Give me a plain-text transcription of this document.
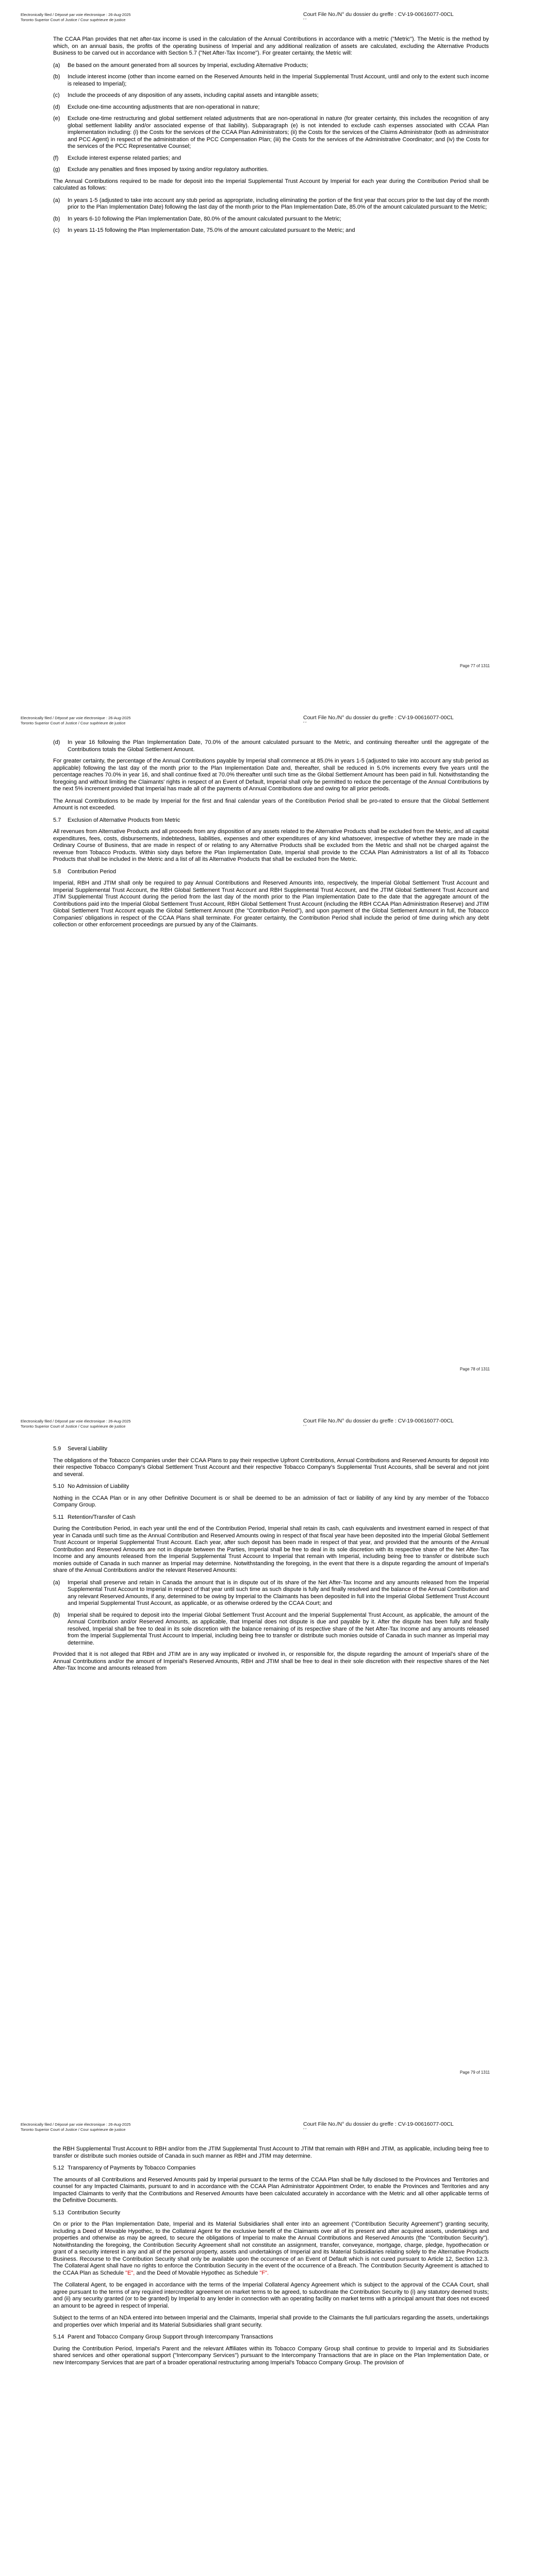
Electronically filed / Déposé par voie électronique : 26-Aug-2025
Toronto Superior Court of Justice / Cour supérieure de justice
Court File No./N° du dossier du greffe : CV-19-00616077-00CL
* *

The CCAA Plan provides that net after-tax income is used in the calculation of the Annual Contributions in accordance with a metric ("Metric"). The Metric is the method by which, on an annual basis, the profits of the operating business of Imperial and any additional realization of assets are calculated, excluding the Alternative Products Business to be carved out in accordance with Section 5.7 ("Net After-Tax Income"). For greater certainty, the Metric will:

(a)	Be based on the amount generated from all sources by Imperial, excluding Alternative Products;
(b)	Include interest income (other than income earned on the Reserved Amounts held in the Imperial Supplemental Trust Account, until and only to the extent such income is released to Imperial);
(c)	Include the proceeds of any disposition of any assets, including capital assets and intangible assets;
(d)	Exclude one-time accounting adjustments that are non-operational in nature;
(e)	Exclude one-time restructuring and global settlement related adjustments that are non-operational in nature (for greater certainty, this includes the recognition of any global settlement liability and/or associated expense of that liability). Subparagraph (e) is not intended to exclude cash expenses associated with CCAA Plan implementation including: (i) the Costs for the services of the CCAA Plan Administrators; (ii) the Costs for the services of the Claims Administrator (both as administrator and PCC Agent) in respect of the administration of the PCC Compensation Plan; (iii) the Costs for the services of the Administrative Coordinator; and (iv) the Costs for the services of the PCC Representative Counsel;
(f)	Exclude interest expense related parties; and
(g)	Exclude any penalties and fines imposed by taxing and/or regulatory authorities.

The Annual Contributions required to be made for deposit into the Imperial Supplemental Trust Account by Imperial for each year during the Contribution Period shall be calculated as follows:

(a)	In years 1-5 (adjusted to take into account any stub period as appropriate, including eliminating the portion of the first year that occurs prior to the last day of the month prior to the Plan Implementation Date) following the last day of the month prior to the Plan Implementation Date, 85.0% of the amount calculated pursuant to the Metric;
(b)	In years 6-10 following the Plan Implementation Date, 80.0% of the amount calculated pursuant to the Metric;
(c)	In years 11-15 following the Plan Implementation Date, 75.0% of the amount calculated pursuant to the Metric; and
Page 77 of 1311
Electronically filed / Déposé par voie électronique : 26-Aug-2025
Toronto Superior Court of Justice / Cour supérieure de justice
Court File No./N° du dossier du greffe : CV-19-00616077-00CL
* *
(d)	In year 16 following the Plan Implementation Date, 70.0% of the amount calculated pursuant to the Metric, and continuing thereafter until the aggregate of the Contributions totals the Global Settlement Amount.

For greater certainty, the percentage of the Annual Contributions payable by Imperial shall commence at 85.0% in years 1-5 (adjusted to take into account any stub period as applicable) following the last day of the month prior to the Plan Implementation Date and, thereafter, shall be reduced in 5.0% increments every five years until the percentage reaches 70.0% in year 16, and shall continue fixed at 70.0% thereafter until such time as the Global Settlement Amount has been paid in full. Notwithstanding the foregoing and without limiting the Claimants' rights in respect of an Event of Default, Imperial shall only be permitted to reduce the percentage of the Annual Contributions by the next 5% increment provided that Imperial has made all of the payments of Annual Contributions due and owing for all prior periods.

The Annual Contributions to be made by Imperial for the first and final calendar years of the Contribution Period shall be pro-rated to ensure that the Global Settlement Amount is not exceeded.

5.7 Exclusion of Alternative Products from Metric

All revenues from Alternative Products and all proceeds from any disposition of any assets related to the Alternative Products shall be excluded from the Metric, and all capital expenditures, fees, costs, disbursements, indebtedness, liabilities, expenses and other expenditures of any kind whatsoever, irrespective of whether they are made in the Ordinary Course of Business, that are made in respect of or relating to any Alternative Products shall be excluded from the Metric and shall not be charged against the revenue from Tobacco Products. Within sixty days before the Plan Implementation Date, Imperial shall provide to the CCAA Plan Administrators a list of all its Tobacco Products that shall be included in the Metric and a list of all its Alternative Products that shall be excluded from the Metric.

5.8 Contribution Period

Imperial, RBH and JTIM shall only be required to pay Annual Contributions and Reserved Amounts into, respectively, the Imperial Global Settlement Trust Account and Imperial Supplemental Trust Account, the RBH Global Settlement Trust Account and RBH Supplemental Trust Account, and the JTIM Global Settlement Trust Account and JTIM Supplemental Trust Account during the period from the last day of the month prior to the Plan Implementation Date to the date that the aggregate amount of the Contributions paid into the Imperial Global Settlement Trust Account, RBH Global Settlement Trust Account (including the RBH CCAA Plan Administration Reserve) and JTIM Global Settlement Trust Account equals the Global Settlement Amount (the "Contribution Period"), and upon payment of the Global Settlement Amount in full, the Tobacco Companies' obligations in respect of the CCAA Plans shall terminate. For greater certainty, the Contribution Period shall include the period of time during which any debt collection or other enforcement proceedings are pursued by any of the Claimants.

Page 78 of 1311
Electronically filed / Déposé par voie électronique : 26-Aug-2025
Toronto Superior Court of Justice / Cour supérieure de justice
Court File No./N° du dossier du greffe : CV-19-00616077-00CL
* *
5.9 Several Liability

The obligations of the Tobacco Companies under their CCAA Plans to pay their respective Upfront Contributions, Annual Contributions and Reserved Amounts for deposit into their respective Tobacco Company's Global Settlement Trust Account and their respective Tobacco Company's Supplemental Trust Accounts, shall be several and not joint and several.

5.10 No Admission of Liability

Nothing in the CCAA Plan or in any other Definitive Document is or shall be deemed to be an admission of fact or liability of any kind by any member of the Tobacco Company Group.

5.11 Retention/Transfer of Cash

During the Contribution Period, in each year until the end of the Contribution Period, Imperial shall retain its cash, cash equivalents and investment earned in respect of that year in Canada until such time as the Annual Contribution and Reserved Amounts owing in respect of that fiscal year have been deposited into the Imperial Global Settlement Trust Account or Imperial Supplemental Trust Account. Each year, after such deposit has been made in respect of that year, and provided that the amounts of the Annual Contribution and Reserved Amounts are not in dispute between the Parties, Imperial shall be free to deal in its sole discretion with its respective share of the Net After-Tax Income and any amounts released from the Imperial Supplemental Trust Account to Imperial that remain with Imperial, including being free to transfer or distribute such monies outside of Canada in such manner as Imperial may determine. Notwithstanding the foregoing, in the event that there is a dispute regarding the amount of Imperial's share of the Annual Contributions and/or the relevant Reserved Amounts:

(a)	Imperial shall preserve and retain in Canada the amount that is in dispute out of its share of the Net After-Tax Income and any amounts released from the Imperial Supplemental Trust Account to Imperial in respect of that year until such time as such dispute is fully and finally resolved and the balance of the Annual Contribution and any relevant Reserved Amounts, if any, determined to be owing by Imperial to the Claimants has been deposited in full into the Imperial Global Settlement Trust Account and Imperial Supplemental Trust Account, as applicable, or as otherwise ordered by the CCAA Court; and
(b)	Imperial shall be required to deposit into the Imperial Global Settlement Trust Account and the Imperial Supplemental Trust Account, as applicable, the amount of the Annual Contribution and/or Reserved Amounts, as applicable, that Imperial does not dispute is due and payable by it. After the dispute has been fully and finally resolved, Imperial shall be free to deal in its sole discretion with the balance remaining of its respective share of the Net After-Tax Income and any amounts released from the Imperial Supplemental Trust Account to Imperial, including being free to transfer or distribute such monies outside of Canada in such manner as Imperial may determine.

Provided that it is not alleged that RBH and JTIM are in any way implicated or involved in, or responsible for, the dispute regarding the amount of Imperial's share of the Annual Contributions and/or the amount of Imperial's Reserved Amounts, RBH and JTIM shall be free to deal in their sole discretion with their respective shares of the Net After-Tax Income and amounts released from

Page 79 of 1311
Electronically filed / Déposé par voie électronique : 26-Aug-2025
Toronto Superior Court of Justice / Cour supérieure de justice
Court File No./N° du dossier du greffe : CV-19-00616077-00CL
* *

the RBH Supplemental Trust Account to RBH and/or from the JTIM Supplemental Trust Account to JTIM that remain with RBH and JTIM, as applicable, including being free to transfer or distribute such monies outside of Canada in such manner as RBH and JTIM may determine.

5.12 Transparency of Payments by Tobacco Companies

The amounts of all Contributions and Reserved Amounts paid by Imperial pursuant to the terms of the CCAA Plan shall be fully disclosed to the Provinces and Territories and counsel for any Impacted Claimants, pursuant to and in accordance with the CCAA Plan Administrator Appointment Order, to enable the Provinces and Territories and any Impacted Claimants to verify that the Contributions and Reserved Amounts have been calculated accurately in accordance with the Metric and all other applicable terms of the Definitive Documents.

5.13 Contribution Security

On or prior to the Plan Implementation Date, Imperial and its Material Subsidiaries shall enter into an agreement ("Contribution Security Agreement") granting security, including a Deed of Movable Hypothec, to the Collateral Agent for the exclusive benefit of the Claimants over all of its present and after acquired assets, undertakings and properties and otherwise as may be agreed, to secure the obligations of Imperial to make the Annual Contributions and Reserved Amounts (the "Contribution Security"). Notwithstanding the foregoing, the Contribution Security Agreement shall not constitute an assignment, transfer, conveyance, mortgage, charge, pledge, hypothecation or grant of a security interest in any and all of the personal property, assets and undertakings of Imperial and its Material Subsidiaries relating solely to the Alternative Products Business. Recourse to the Contribution Security shall only be available upon the occurrence of an Event of Default which is not cured pursuant to Article 12, Section 12.3. The Collateral Agent shall have no rights to enforce the Contribution Security in the event of the occurrence of a Breach. The Contribution Security Agreement is attached to the CCAA Plan as Schedule "E", and the Deed of Movable Hypothec as Schedule "F".

The Collateral Agent, to be engaged in accordance with the terms of the Imperial Collateral Agency Agreement which is subject to the approval of the CCAA Court, shall agree pursuant to the terms of any required intercreditor agreement on market terms to be agreed, to subordinate the Contribution Security to (i) any statutory deemed trusts; and (ii) any security granted (or to be granted) by Imperial to any lender in connection with an operating facility on market terms with a principal amount that does not exceed an amount to be agreed in respect of Imperial.

Subject to the terms of an NDA entered into between Imperial and the Claimants, Imperial shall provide to the Claimants the full particulars regarding the assets, undertakings and properties over which Imperial and its Material Subsidiaries shall grant security.

5.14 Parent and Tobacco Company Group Support through Intercompany Transactions

During the Contribution Period, Imperial's Parent and the relevant Affiliates within its Tobacco Company Group shall continue to provide to Imperial and its Subsidiaries shared services and other operational support ("Intercompany Services") pursuant to the Intercompany Transactions that are in place on the Plan Implementation Date, or new Intercompany Services that are part of a broader operational restructuring among Imperial's Tobacco Company Group. The provision of
